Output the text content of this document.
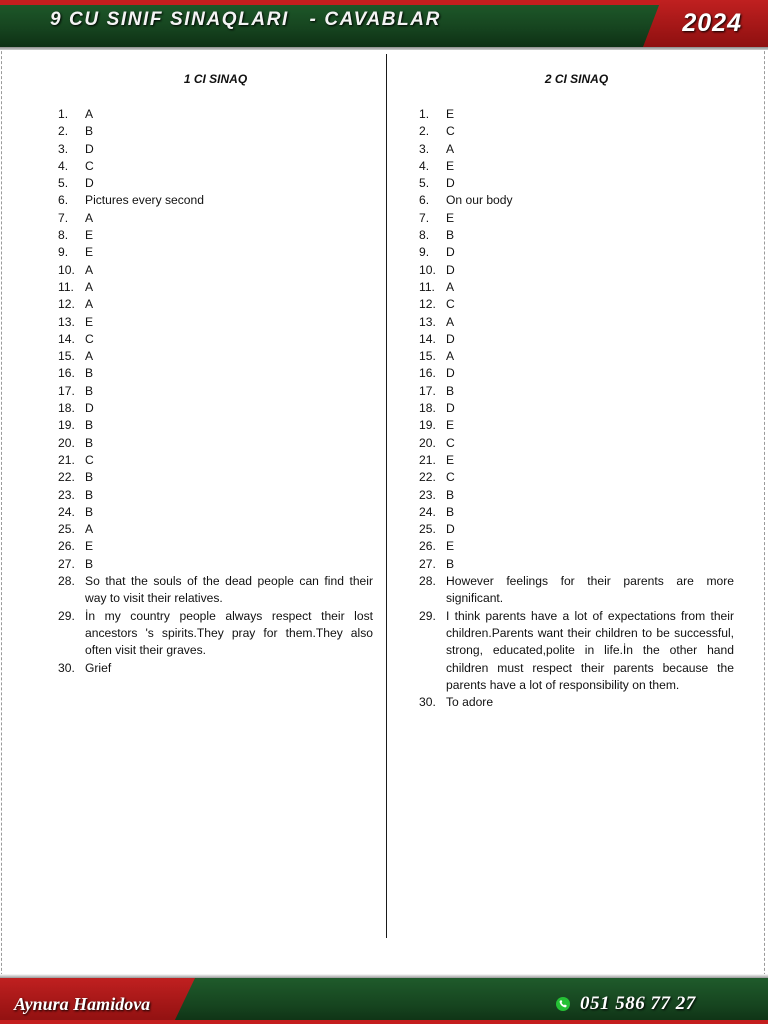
9 CU SINIF SINAQLARI   - CAVABLAR	2024
1 CI SINAQ
1.	A
2.	B
3.	D
4.	C
5.	D
6.	Pictures every second
7.	A
8.	E
9.	E
10. A
11. A
12. A
13. E
14. C
15. A
16. B
17. B
18. D
19. B
20. B
21. C
22. B
23. B
24. B
25. A
26. E
27. B
28. So that the souls of the dead people can find their way to visit their relatives.
29. İn my country people always respect their lost ancestors 's spirits.They pray for them.They also often visit their graves.
30. Grief
2 CI SINAQ
1.	E
2.	C
3.	A
4.	E
5.	D
6.	On our body
7.	E
8.	B
9.	D
10. D
11. A
12. C
13. A
14. D
15. A
16. D
17. B
18. D
19. E
20. C
21. E
22. C
23. B
24. B
25. D
26. E
27. B
28. However feelings for their parents are more significant.
29. I think parents have a lot of expectations from their children.Parents want their children to be successful, strong, educated,polite in life.İn the other hand children must respect their parents because the parents have a lot of responsibility on them.
30. To adore
Aynura Hamidova	051 586 77 27
